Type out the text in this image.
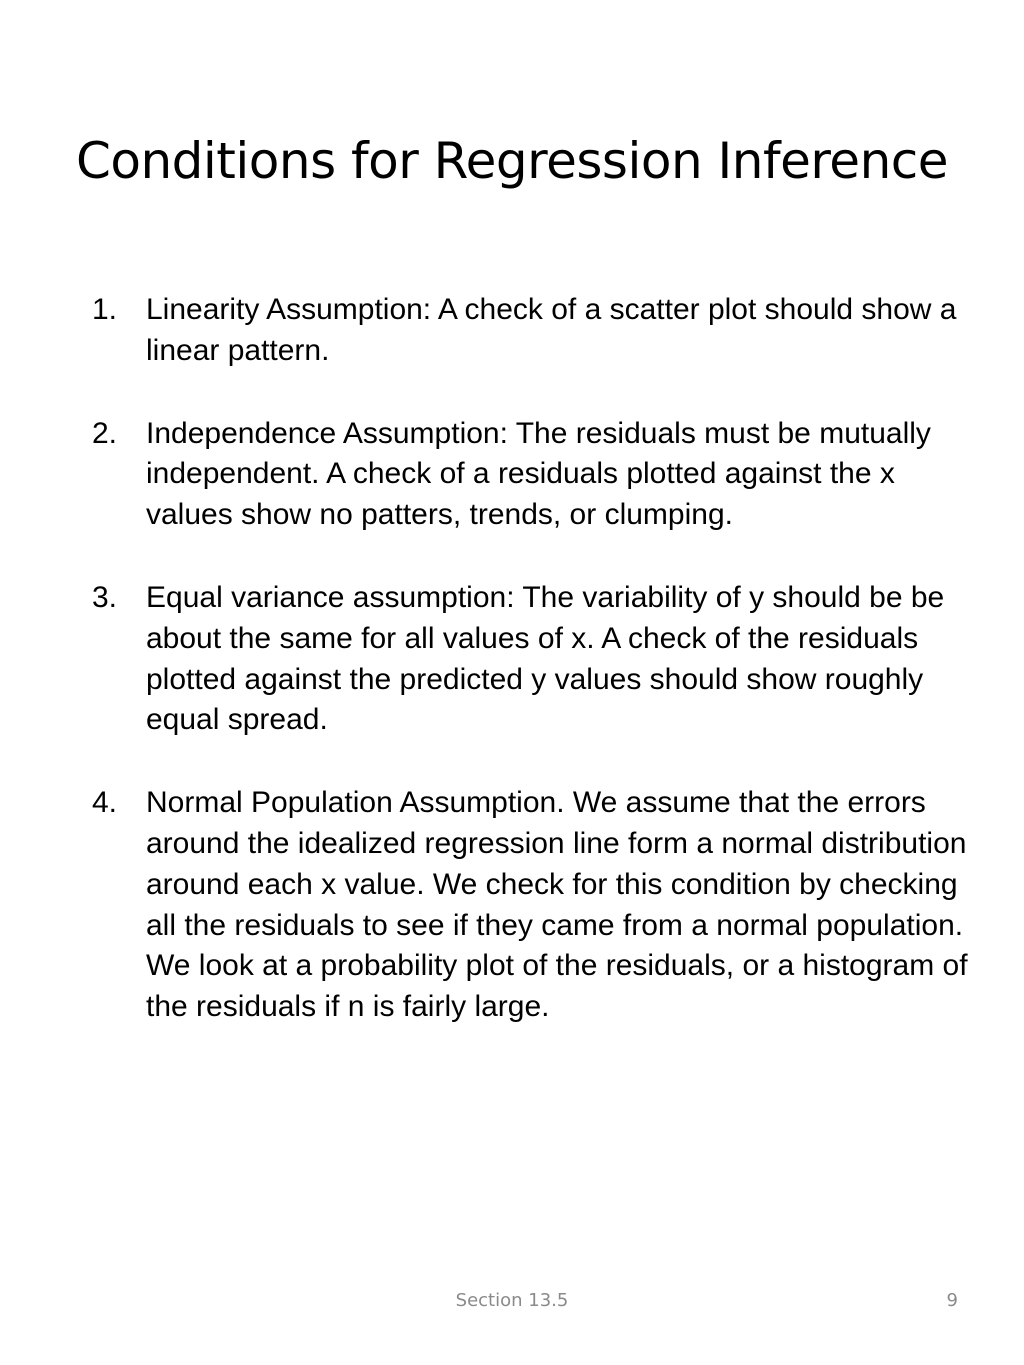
Conditions for Regression Inference
1. Linearity Assumption: A check of a scatter plot should show a linear pattern.
2. Independence Assumption: The residuals must be mutually independent. A check of a residuals plotted against the x values show no patters, trends, or clumping.
3. Equal variance assumption: The variability of y should be be about the same for all values of x. A check of the residuals plotted against the predicted y values should show roughly equal spread.
4. Normal Population Assumption. We assume that the errors around the idealized regression line form a normal distribution around each x value. We check for this condition by checking all the residuals to see if they came from a normal population. We look at a probability plot of the residuals, or a histogram of the residuals if n is fairly large.
Section 13.5	9
